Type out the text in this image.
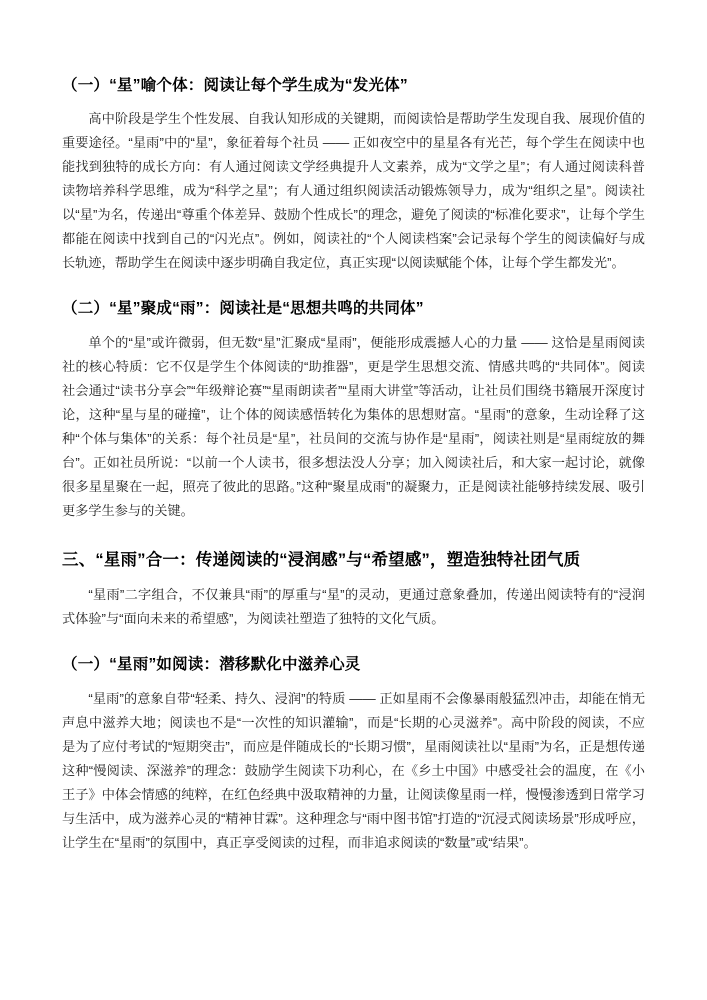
（一）“星”喻个体：阅读让每个学生成为“发光体”

高中阶段是学生个性发展、自我认知形成的关键期，而阅读恰是帮助学生发现自我、展现价值的重要途径。“星雨”中的“星”，象征着每个社员 —— 正如夜空中的星星各有光芒，每个学生在阅读中也能找到独特的成长方向：有人通过阅读文学经典提升人文素养，成为“文学之星”；有人通过阅读科普读物培养科学思维，成为“科学之星”；有人通过组织阅读活动锻炼领导力，成为“组织之星”。阅读社以“星”为名，传递出“尊重个体差异、鼓励个性成长”的理念，避免了阅读的“标准化要求”，让每个学生都能在阅读中找到自己的“闪光点”。例如，阅读社的“个人阅读档案”会记录每个学生的阅读偏好与成长轨迹，帮助学生在阅读中逐步明确自我定位，真正实现“以阅读赋能个体，让每个学生都发光”。

（二）“星”聚成“雨”：阅读社是“思想共鸣的共同体”

单个的“星”或许微弱，但无数“星”汇聚成“星雨”，便能形成震撼人心的力量 —— 这恰是星雨阅读社的核心特质：它不仅是学生个体阅读的“助推器”，更是学生思想交流、情感共鸣的“共同体”。阅读社会通过“读书分享会”“年级辩论赛”“星雨朗读者”“星雨大讲堂”等活动，让社员们围绕书籍展开深度讨论，这种“星与星的碰撞”，让个体的阅读感悟转化为集体的思想财富。“星雨”的意象，生动诠释了这种“个体与集体”的关系：每个社员是“星”，社员间的交流与协作是“星雨”，阅读社则是“星雨绽放的舞台”。正如社员所说：“以前一个人读书，很多想法没人分享；加入阅读社后，和大家一起讨论，就像很多星星聚在一起，照亮了彼此的思路。”这种“聚星成雨”的凝聚力，正是阅读社能够持续发展、吸引更多学生参与的关键。

三、“星雨”合一：传递阅读的“浸润感”与“希望感”，塑造独特社团气质

“星雨”二字组合，不仅兼具“雨”的厚重与“星”的灵动，更通过意象叠加，传递出阅读特有的“浸润式体验”与“面向未来的希望感”，为阅读社塑造了独特的文化气质。

（一）“星雨”如阅读：潜移默化中滋养心灵

“星雨”的意象自带“轻柔、持久、浸润”的特质 —— 正如星雨不会像暴雨般猛烈冲击，却能在悄无声息中滋养大地；阅读也不是“一次性的知识灌输”，而是“长期的心灵滋养”。高中阶段的阅读，不应是为了应付考试的“短期突击”，而应是伴随成长的“长期习惯”，星雨阅读社以“星雨”为名，正是想传递这种“慢阅读、深滋养”的理念：鼓励学生阅读下功利心，在《乡土中国》中感受社会的温度，在《小王子》中体会情感的纯粹，在红色经典中汲取精神的力量，让阅读像星雨一样，慢慢渗透到日常学习与生活中，成为滋养心灵的“精神甘霖”。这种理念与“雨中图书馆”打造的“沉浸式阅读场景”形成呼应，让学生在“星雨”的氛围中，真正享受阅读的过程，而非追求阅读的“数量”或“结果”。
